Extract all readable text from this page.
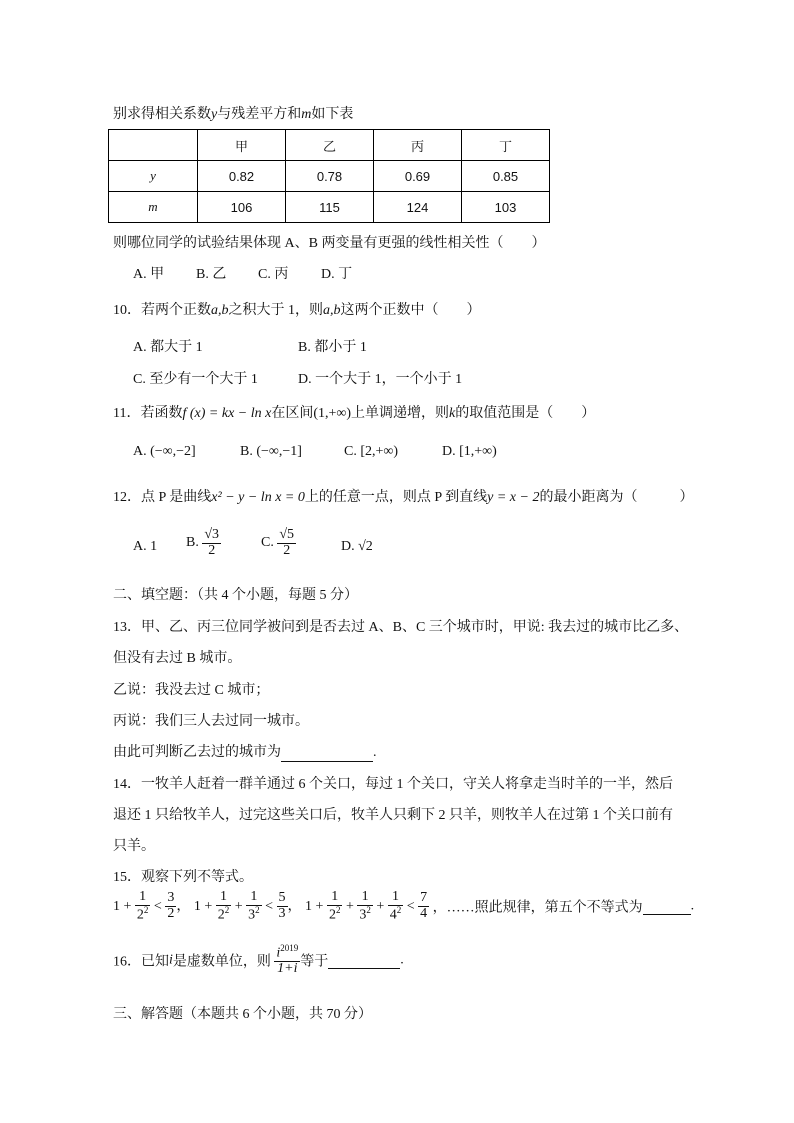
别求得相关系数y与残差平方和m如下表
	甲	乙	丙	丁
y	0.82	0.78	0.69	0.85
m	106	115	124	103
则哪位同学的试验结果体现 A、B 两变量有更强的线性相关性（　　）
A. 甲 B. 乙 C. 丙 D. 丁
10．若两个正数a,b之积大于 1，则a,b这两个正数中（　　）
A. 都大于 1	B. 都小于 1
C. 至少有一个大于 1	D. 一个大于 1，一个小于 1
11．若函数f (x) = kx − ln x在区间(1,+∞)上单调递增，则k的取值范围是（　　）
A. (−∞,−2]	B. (−∞,−1]	C. [2,+∞)	D. [1,+∞)
12．点 P 是曲线x² − y − ln x = 0上的任意一点，则点 P 到直线y = x − 2的最小距离为（　　　）
A. 1 B. $\frac{√3}{2}$	C. $\frac{√5}{2}$	D. √2
二、填空题：（共 4 个小题，每题 5 分）
13．甲、乙、丙三位同学被问到是否去过 A、B、C 三个城市时，甲说: 我去过的城市比乙多、
但没有去过 B 城市。
乙说：我没去过 C 城市；
丙说：我们三人去过同一城市。
由此可判断乙去过的城市为	.
14．一牧羊人赶着一群羊通过 6 个关口，每过 1 个关口，守关人将拿走当时羊的一半，然后
退还 1 只给牧羊人，过完这些关口后，牧羊人只剩下 2 只羊，则牧羊人在过第 1 个关口前有
只羊。
15．观察下列不等式。
$1 + \frac{1}{2^2} < \frac{3}{2}$ ， $1 + \frac{1}{2^2} + \frac{1}{3^2} < \frac{5}{3}$ ， $1 + \frac{1}{2^2} + \frac{1}{3^2} + \frac{1}{4^2} < \frac{7}{4}$ ，……照此规律，第五个不等式为	.
16．已知i是虚数单位，则 $\frac{i^{2019}}{1+i}$ 等于	.
三、解答题（本题共 6 个小题，共 70 分）
